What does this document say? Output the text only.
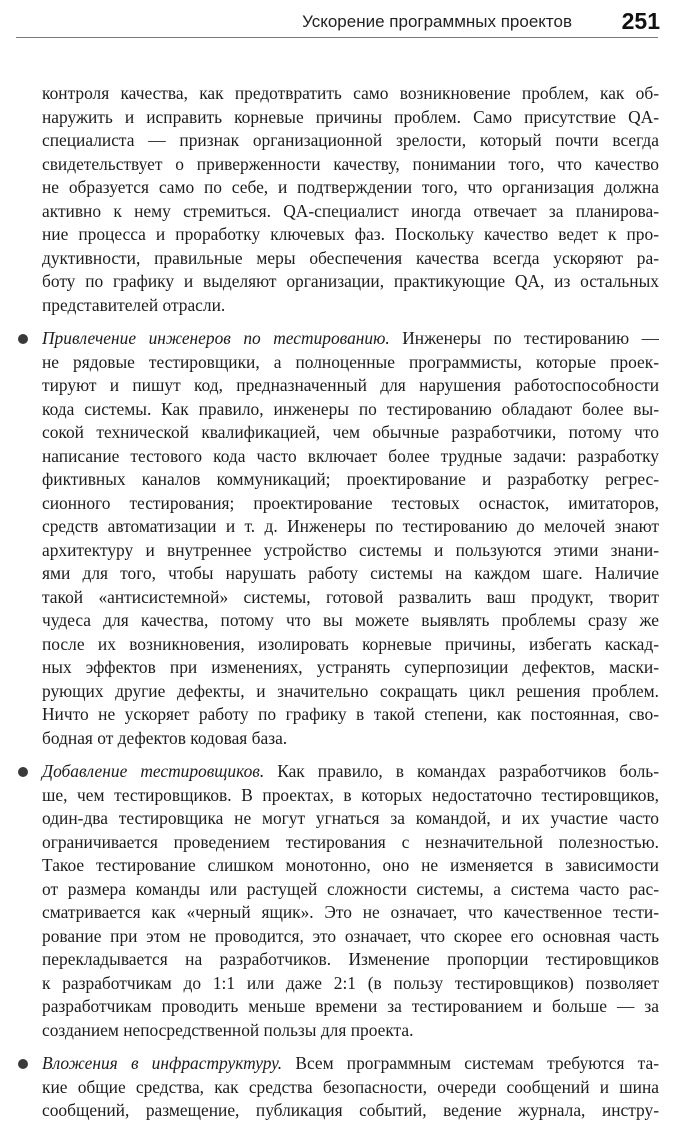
Ускорение программных проектов 251

контроля качества, как предотвратить само возникновение проблем, как об-

наружить и исправить корневые причины проблем. Само присутствие QA-

специалиста — признак организационной зрелости, который почти всегда

свидетельствует о приверженности качеству, понимании того, что качество

не образуется само по себе, и подтверждении того, что организация должна

активно к нему стремиться. QA-специалист иногда отвечает за планирова-

ние процесса и проработку ключевых фаз. Поскольку качество ведет к про-

дуктивности, правильные меры обеспечения качества всегда ускоряют ра-

боту по графику и выделяют организации, практикующие QA, из остальных

представителей отрасли.

Привлечение инженеров по тестированию. Инженеры по тестированию —

не рядовые тестировщики, а полноценные программисты, которые проек-

тируют и пишут код, предназначенный для нарушения работоспособности

кода системы. Как правило, инженеры по тестированию обладают более вы-

сокой технической квалификацией, чем обычные разработчики, потому что

написание тестового кода часто включает более трудные задачи: разработку

фиктивных каналов коммуникаций; проектирование и разработку регрес-

сионного тестирования; проектирование тестовых оснасток, имитаторов,

средств автоматизации и т. д. Инженеры по тестированию до мелочей знают

архитектуру и внутреннее устройство системы и пользуются этими знани-

ями для того, чтобы нарушать работу системы на каждом шаге. Наличие

такой «антисистемной» системы, готовой развалить ваш продукт, творит

чудеса для качества, потому что вы можете выявлять проблемы сразу же

после их возникновения, изолировать корневые причины, избегать каскад-

ных эффектов при изменениях, устранять суперпозиции дефектов, маски-

рующих другие дефекты, и значительно сокращать цикл решения проблем.

Ничто не ускоряет работу по графику в такой степени, как постоянная, сво-

бодная от дефектов кодовая база.

Добавление тестировщиков. Как правило, в командах разработчиков боль-

ше, чем тестировщиков. В проектах, в которых недостаточно тестировщиков,

один-два тестировщика не могут угнаться за командой, и их участие часто

ограничивается проведением тестирования с незначительной полезностью.

Такое тестирование слишком монотонно, оно не изменяется в зависимости

от размера команды или растущей сложности системы, а система часто рас-

сматривается как «черный ящик». Это не означает, что качественное тести-

рование при этом не проводится, это означает, что скорее его основная часть

перекладывается на разработчиков. Изменение пропорции тестировщиков

к разработчикам до 1:1 или даже 2:1 (в пользу тестировщиков) позволяет

разработчикам проводить меньше времени за тестированием и больше — за

созданием непосредственной пользы для проекта.

Вложения в инфраструктуру. Всем программным системам требуются та-

кие общие средства, как средства безопасности, очереди сообщений и шина

сообщений, размещение, публикация событий, ведение журнала, инстру-
